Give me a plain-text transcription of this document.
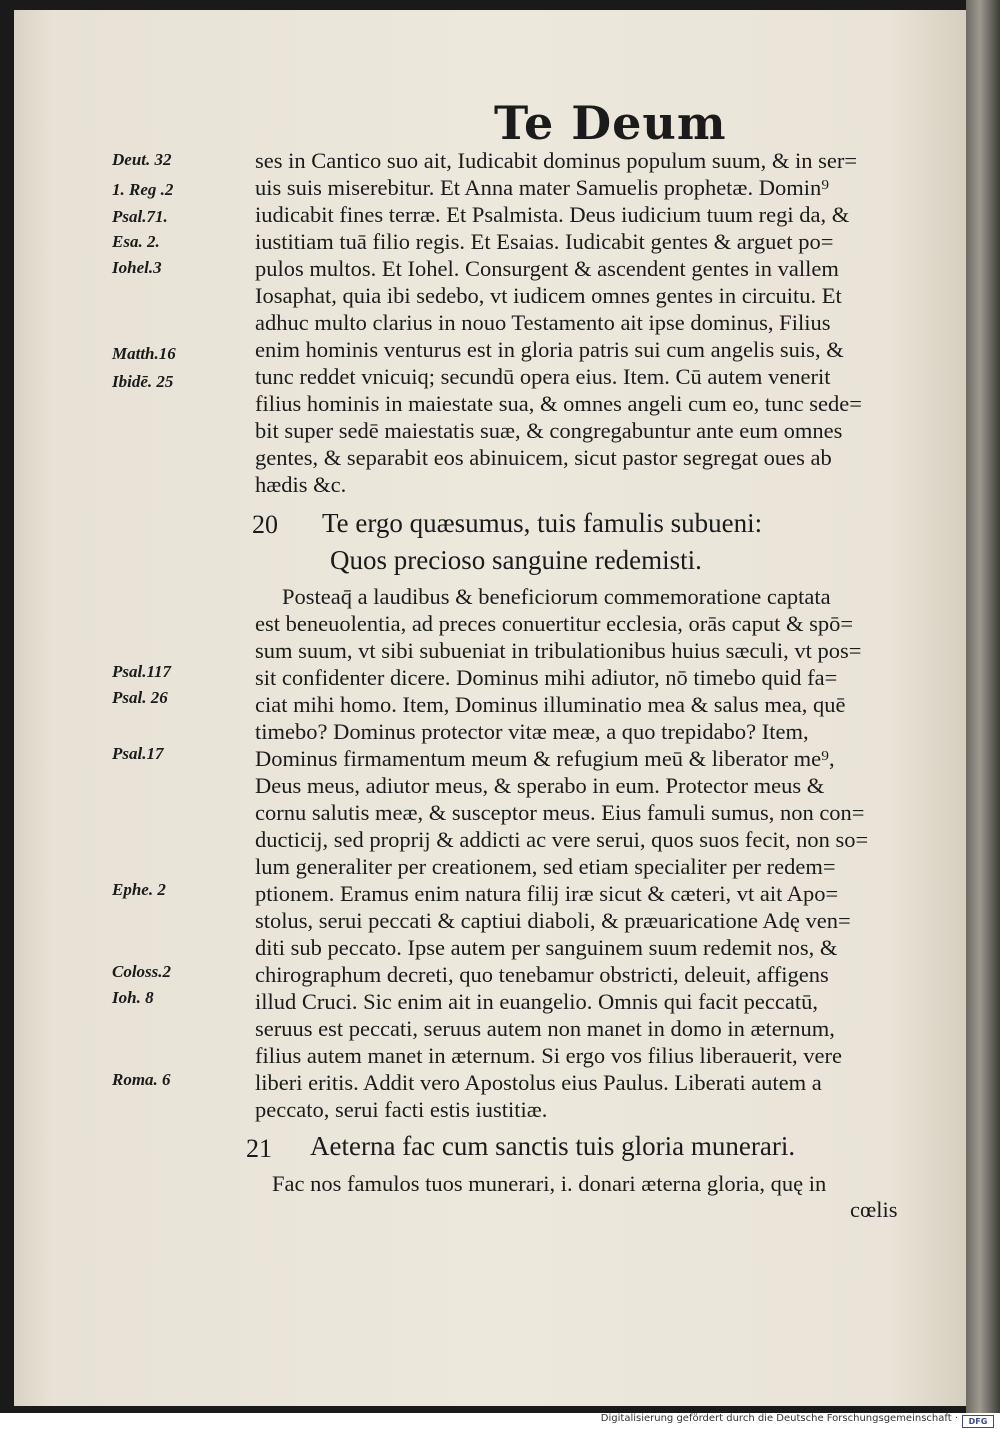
Te Deum
Deut. 32
1. Reg .2
Psal.71.
Esa. 2.
Iohel.3
Matth.16
Ibidē. 25
Psal.117
Psal. 26
Psal.17
Ephe. 2
Coloss.2
Ioh. 8
Roma. 6
ses in Cantico suo ait, Iudicabit dominus populum suum, & in ser=
uis suis miserebitur. Et Anna mater Samuelis prophetæ. Domin⁹
iudicabit fines terræ. Et Psalmista. Deus iudicium tuum regi da, &
iustitiam tuā filio regis. Et Esaias. Iudicabit gentes & arguet po=
pulos multos. Et Iohel. Consurgent & ascendent gentes in vallem
Iosaphat, quia ibi sedebo, vt iudicem omnes gentes in circuitu. Et
adhuc multo clarius in nouo Testamento ait ipse dominus, Filius
enim hominis venturus est in gloria patris sui cum angelis suis, &
tunc reddet vnicuiq; secundū opera eius. Item. Cū autem venerit
filius hominis in maiestate sua, & omnes angeli cum eo, tunc sede=
bit super sedē maiestatis suæ, & congregabuntur ante eum omnes
gentes, & separabit eos abinuicem, sicut pastor segregat oues ab
hædis &c.
20 Te ergo quæsumus, tuis famulis subueni:
Quos precioso sanguine redemisti.
Posteaq̄ a laudibus & beneficiorum commemoratione captata
est beneuolentia, ad preces conuertitur ecclesia, orās caput & spō=
sum suum, vt sibi subueniat in tribulationibus huius sæculi, vt pos=
sit confidenter dicere. Dominus mihi adiutor, nō timebo quid fa=
ciat mihi homo. Item, Dominus illuminatio mea & salus mea, quē
timebo? Dominus protector vitæ meæ, a quo trepidabo? Item,
Dominus firmamentum meum & refugium meū & liberator me⁹,
Deus meus, adiutor meus, & sperabo in eum. Protector meus &
cornu salutis meæ, & susceptor meus. Eius famuli sumus, non con=
ducticij, sed proprij & addicti ac vere serui, quos suos fecit, non so=
lum generaliter per creationem, sed etiam specialiter per redem=
ptionem. Eramus enim natura filij iræ sicut & cæteri, vt ait Apo=
stolus, serui peccati & captiui diaboli, & præuaricatione Adę ven=
diti sub peccato. Ipse autem per sanguinem suum redemit nos, &
chirographum decreti, quo tenebamur obstricti, deleuit, affigens
illud Cruci. Sic enim ait in euangelio. Omnis qui facit peccatū,
seruus est peccati, seruus autem non manet in domo in æternum,
filius autem manet in æternum. Si ergo vos filius liberauerit, vere
liberi eritis. Addit vero Apostolus eius Paulus. Liberati autem a
peccato, serui facti estis iustitiæ.
21 Aeterna fac cum sanctis tuis gloria munerari.
Fac nos famulos tuos munerari, i. donari æterna gloria, quę in
cœlis
Digitalisierung gefördert durch die Deutsche Forschungsgemeinschaft ·	DFG
